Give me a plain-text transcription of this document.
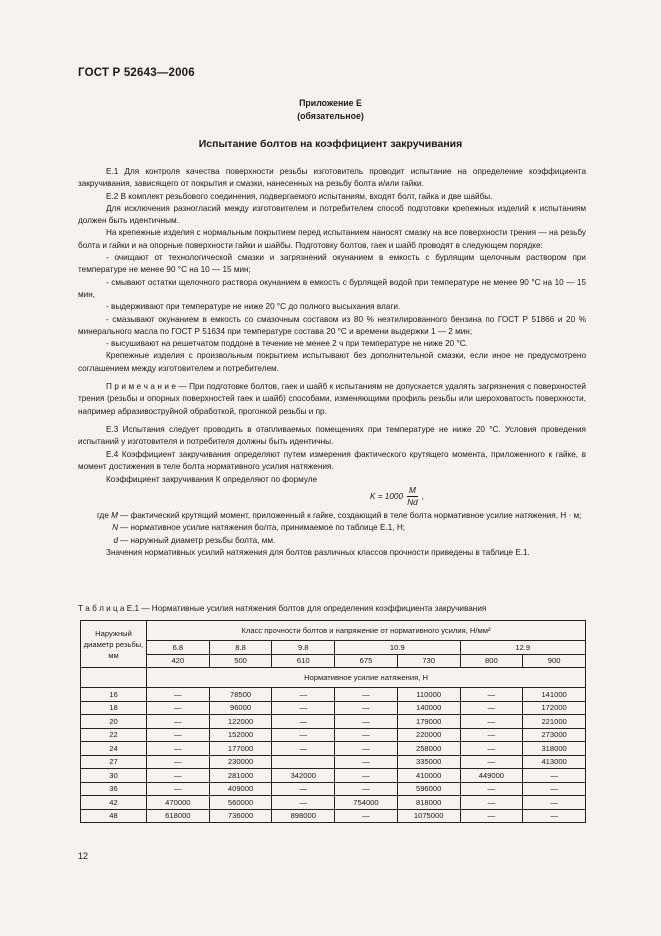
ГОСТ Р 52643—2006
Приложение Е
(обязательное)
Испытание болтов на коэффициент закручивания

Е.1 Для контроля качества поверхности резьбы изготовитель проводит испытание на определение коэффициента закручивания, зависящего от покрытия и смазки, нанесенных на резьбу болта и/или гайки.

Е.2 В комплект резьбового соединения, подвергаемого испытаниям, входят болт, гайка и две шайбы.

Для исключения разногласий между изготовителем и потребителем способ подготовки крепежных изделий к испытаниям должен быть идентичным.

На крепежные изделия с нормальным покрытием перед испытанием наносят смазку на все поверхности трения — на резьбу болта и гайки и на опорные поверхности гайки и шайбы. Подготовку болтов, гаек и шайб проводят в следующем порядке:

- очищают от технологической смазки и загрязнений окунанием в емкость с бурлящим щелочным раствором при температуре не менее 90 °С на 10 — 15 мин;

- смывают остатки щелочного раствора окунанием в емкость с бурлящей водой при температуре не менее 90 °С на 10 — 15 мин,

- выдерживают при температуре не ниже 20 °С до полного высыхания влаги.

- смазывают окунанием в емкость со смазочным составом из 80 % неэтилированного бензина по ГОСТ Р 51866 и 20 % минерального масла по ГОСТ Р 51634 при температуре состава 20 °С и времени выдержки 1 — 2 мин;

- высушивают на решетчатом поддоне в течение не менее 2 ч при температуре не ниже 20 °С.

Крепежные изделия с произвольным покрытием испытывают без дополнительной смазки, если иное не предусмотрено соглашением между изготовителем и потребителем.

П р и м е ч а н и е — При подготовке болтов, гаек и шайб к испытаниям не допускается удалять загрязнения с поверхностей трения (резьбы и опорных поверхностей гаек и шайб) способами, изменяющими профиль резьбы или шероховатость поверхности, например абразивоструйной обработкой, прогонкой резьбы и пр.

Е.3 Испытания следует проводить в отапливаемых помещениях при температуре не ниже 20 °С. Условия проведения испытаний у изготовителя и потребителя должны быть идентичны.

Е.4 Коэффициент закручивания определяют путем измерения фактического крутящего момента, приложенного к гайке, в момент достижения в теле болта нормативного усилия натяжения.

Коэффициент закручивания К определяют по формуле
$K = 1000 \frac{M}{Nd}$ ,
где M — фактический крутящий момент, приложенный к гайке, создающий в теле болта нормативное усилие натяжения, Н · м;
N — нормативное усилие натяжения болта, принимаемое по таблице Е.1, Н;
d — наружный диаметр резьбы болта, мм.

Значения нормативных усилий натяжения для болтов различных классов прочности приведены в таблице Е.1.

Т а б л и ц а Е.1 — Нормативные усилия натяжения болтов для определения коэффициента закручивания
Наружный диаметр резьбы, мм	Класс прочности болтов и напряжение от нормативного усилия, Н/мм²						
	6.8	8.8	9.8	10.9		12.9	
	420	500	610	675	730	800	900
	Нормативное усилие натяжения, Н						
16	—	78500	—	—	110000	—	141000
18	—	96000	—	—	140000	—	172000
20	—	122000	—	—	179000	—	221000
22	—	152000	—	—	220000	—	273000
24	—	177000	—	—	258000	—	318000
27	—	230000		—	335000	—	413000
30	—	281000	342000	—	410000	449000	—
36	—	409000	—	—	596000	—	—
42	470000	560000	—	754000	818000	—	—
48	618000	736000	898000	—	1075000	—	—
12
